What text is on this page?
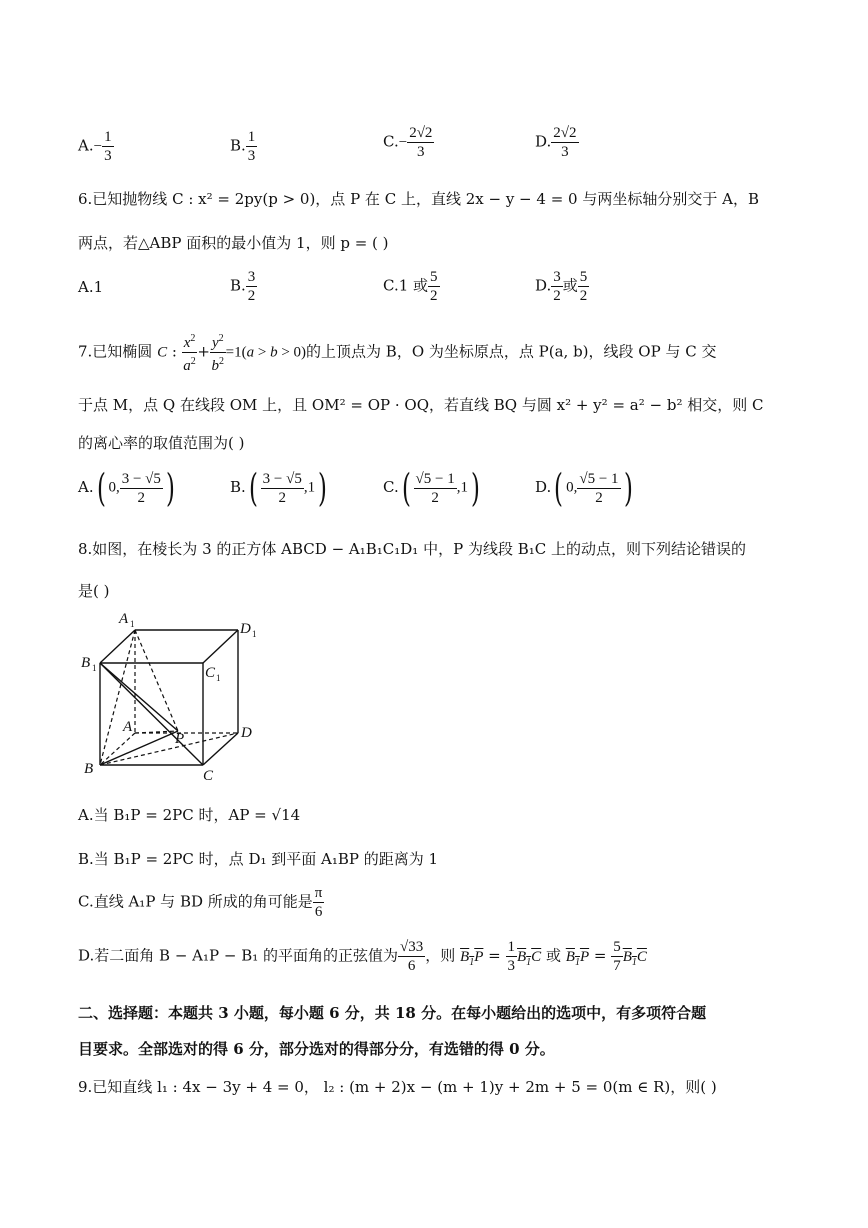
$A.- \frac{1}{3}$	B. $\frac{1}{3}$	$C.- \frac{2√2}{3}$	D. $\frac{2√2}{3}$
6.已知抛物线 C : x² = 2py(p > 0)，点 P 在 C 上，直线 2x − y − 4 = 0 与两坐标轴分别交于 A，B
两点，若△ABP 面积的最小值为 1，则 p = ( )
A.1	B. $\frac{3}{2}$	C.1 或 $\frac{5}{2}$	D. $\frac{3}{2}$ 或 $\frac{5}{2}$
7.已知椭圆 C : $\frac{x^2}{a^2} + \frac{y^2}{b^2} =1(a > b > 0)$的上顶点为 B，O 为坐标原点，点 P(a, b)，线段 OP 与 C 交
于点 M，点 Q 在线段 OM 上，且 OM² = OP · OQ，若直线 BQ 与圆 x² + y² = a² − b² 相交，则 C
的离心率的取值范围为( )
A.( 0, $\frac{3 - √5}{2}$ )	$B.( \frac{3 - √5}{2} ,1)$	$C.( \frac{√5 - 1}{2} ,1)$	D.( 0, $\frac{√5 - 1}{2}$ )
8.如图，在棱长为 3 的正方体 ABCD − A₁B₁C₁D₁ 中，P 为线段 B₁C 上的动点，则下列结论错误的
是( )
A 1	D 1
B 1	C 1
A
P	D
B	C
A.当 B₁P = 2PC 时，AP = √14
B.当 B₁P = 2PC 时，点 D₁ 到平面 A₁BP 的距离为 1
C.直线 A₁P 与 BD 所成的角可能是 $\frac{\pi}{6}$
D.若二面角 B − A₁P − B₁ 的平面角的正弦值为 $\frac{√33}{6}$ ，则 $B_1P = \frac{1}{3} B_1C$ 或 $B_1P = \frac{5}{7} B_1C$
二、选择题：本题共 3 小题，每小题 6 分，共 18 分。在每小题给出的选项中，有多项符合题
目要求。全部选对的得 6 分，部分选对的得部分分，有选错的得 0 分。
9.已知直线 l₁ : 4x − 3y + 4 = 0， l₂ : (m + 2)x − (m + 1)y + 2m + 5 = 0(m ∈ R)，则( )
